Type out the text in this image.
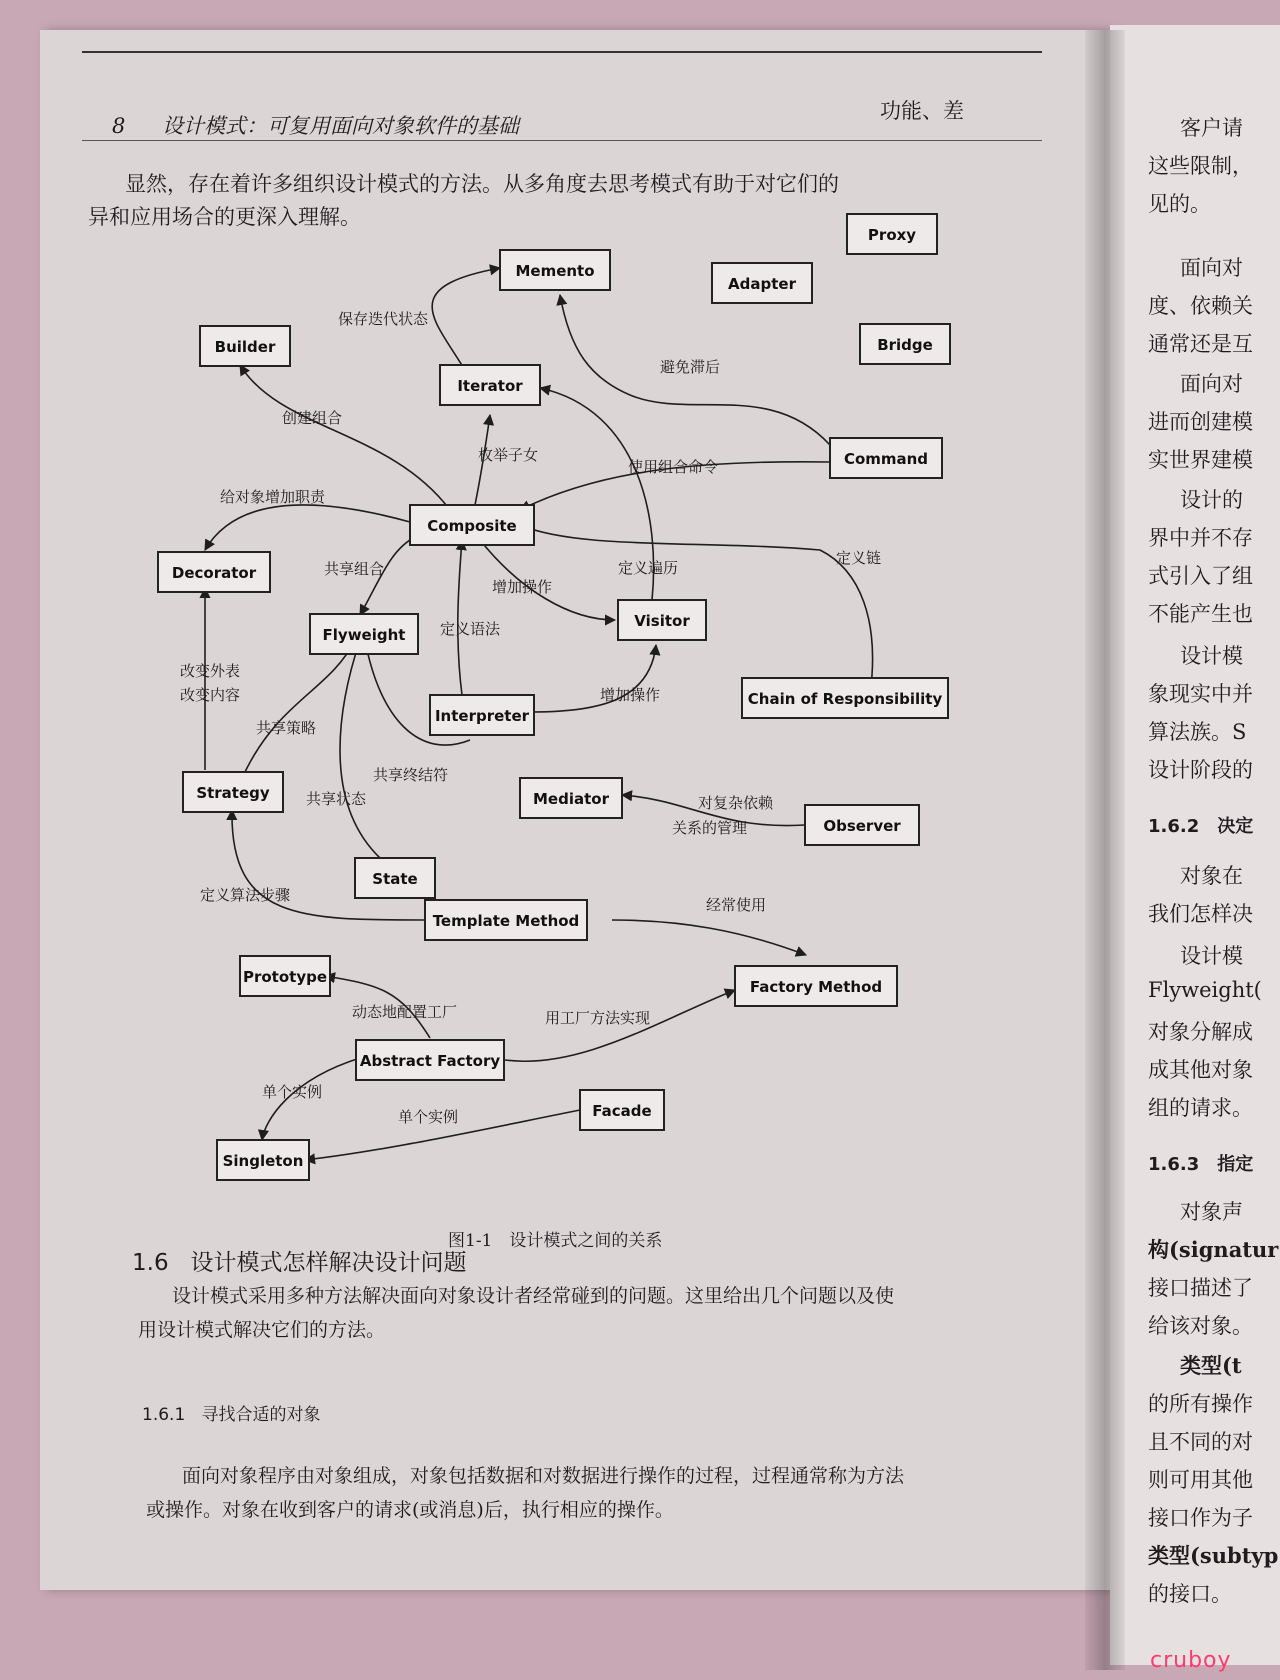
8 设计模式：可复用面向对象软件的基础
功能、差
显然，存在着许多组织设计模式的方法。从多角度去思考模式有助于对它们的
异和应用场合的更深入理解。
Memento
Proxy
Adapter
Builder	Bridge
Iterator
Command
Composite
Decorator
Flyweight
Visitor
Chain of Responsibility
Interpreter
Strategy	Mediator
Observer
State
Template Method
Prototype
Factory Method
Abstract Factory
Facade
Singleton
保存迭代状态
避免滞后
创建组合
枚举子女
使用组合命令
给对象增加职责
定义链
共享组合
增加操作
定义遍历
定义语法
改变外表
改变内容	增加操作
共享策略
共享终结符
共享状态	对复杂依赖
关系的管理
定义算法步骤
经常使用
动态地配置工厂	用工厂方法实现
单个实例
单个实例
图1-1　设计模式之间的关系
1.6 设计模式怎样解决设计问题
设计模式采用多种方法解决面向对象设计者经常碰到的问题。这里给出几个问题以及使
用设计模式解决它们的方法。
1.6.1 寻找合适的对象
面向对象程序由对象组成，对象包括数据和对数据进行操作的过程，过程通常称为方法
或操作。对象在收到客户的请求(或消息)后，执行相应的操作。
客户请
这些限制，
见的。
面向对
度、依赖关
通常还是互
面向对
进而创建模
实世界建模
设计的
界中并不存
式引入了组
不能产生也
设计模
象现实中并
算法族。S
设计阶段的
1.6.2　决定
对象在
我们怎样决
设计模
Flyweight(
对象分解成
成其他对象
组的请求。
1.6.3　指定
对象声
构(signatur
接口描述了
给该对象。
类型(t
的所有操作
且不同的对
则可用其他
接口作为子
类型(subtyp
的接口。
cruboy
